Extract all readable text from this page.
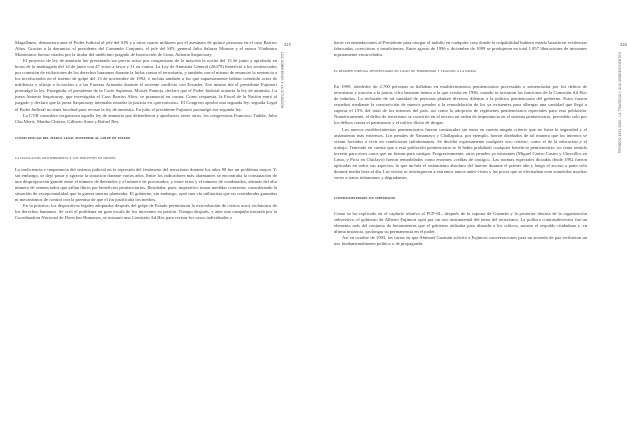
Magallanes, denunciara ante el Poder Judicial al jefe del SIN y a otros cuatro militares por el asesinato de quince personas en el caso Barrios Altos. Gracias a la denuncia, el presidente del Comando Conjunto, el jefe del SIN, general Julio Salazar Monroe y el asesor Vladimiro Montesinos fueron citados por la titular del undécimo juzgado de Instrucción de Lima, Antonia Saquicuray.

El proyecto de ley de amnistía fue presentado sin previo aviso por congresistas de la mayoría la noche del 13 de junio y aprobado en horas de la madrugada del 14 de junio con 47 votos a favor y 11 en contra. La Ley de Amnistía General (26479) benefició a los sentenciados por comisión de violaciones de los derechos humanos durante la lucha contra el terrorismo, y también con el mismo de enunciar la sentencia a los involucrados en el intento de golpe del 13 de noviembre de 1992, e incluía también a los que supuestamente habían cometido actos de infidencia y ultraje a la nación y a las Fuerzas Armadas durante el reciente conflicto con Ecuador. Ese mismo día el presidente Fujimori promulgó la ley. Enseguida, el presidente de la Corte Suprema, Moisés Pantoja, declaró que el Poder Judicial acataría la ley de amnistía. La jueza Antonia Saquicuray, que investigaba el Caso Barrios Altos, se pronunció en contra. Como respuesta, la Fiscal de la Nación entró al juzgado y declaró que la jueza Saquicuray intentaba retardar la justicia en «prevaricato». El Congreso aprobó una segunda ley, seguida Legal el Poder Judicial no tenía facultad para revisar la ley de amnistía. En julio el presidente Fujimori promulgó esa segunda ley.

La CVR considera vergonzosa aquella ley de amnistía que defendieron y aprobaron, entre otros, los congresistas Francisco Tudela, Julio Chu Meris, Martha Chávez, Gilberto Siura y Rafael Rey.

consecuencias del marco legal posterior al golpe de estado
la legislación antiterrorista y los inocentes en prisión

La ineficiencia e inoperancia del sistema judicial en la represión del fenómeno del terrorismo durante los años 80 fue un problema mayor. Y, sin embargo, se dejó pasar y agravar la situación durante varios años. Entre los indicadores más alarmantes se encontraba la constatación de una desproporción grande entre el número de detenidos y el número de procesados; y entre estos y el número de condenados, además del alto número de sentenciados que salían libres por beneficios penitenciarios. Resultaba, pues, imperativo tomar medidas concretas, considerando la situación de excepcionalidad que la guerra interna planteaba. El gobierno, sin embargo, optó una vía utilitarista que no consideraba garantías ni mecanismos de control con la premisa de que el fin justificaba los medios.

En la práctica, los dispositivos legales adoptados después del golpe de Estado permitieron la exacerbación de ciertos actos violatorios de los derechos humanos. Se creó el problema en gran escala de los inocentes en prisión. Tiempo después, y ante una campaña iniciada por la Coordinadora Nacional de Derechos Humanos, se instauró una Comisión Ad Hoc para revisar los casos individuales y

325
LOS GOBIERNOS Y LA SITUACIÓN
326
PERÍODO 1992-2000 · LA TRAGEDIA Y SUS SOBREVIVIENTES

hacer recomendaciones al Presidente para otorgar el indulto en cualquier caso donde la culpabilidad hubiera estado basada en evidencias fabricadas, coercitivas o insuficientes. Entre agosto de 1996 y diciembre de 1999 se produjeron en total 1.857 liberaciones de inocentes injustamente encarcelados.

el régimen especial penitenciario en casos de terrorismo y traición a la patria

En 1999, alrededor de 2.700 personas se hallaban en establecimientos penitenciarios procesadas o sentenciadas por los delitos de terrorismo y traición a la patria, cifra bastante menor a la que existía en 1996, cuando se iniciaron las funciones de la Comisión Ad Hoc de indultos. La reclusión de tal cantidad de personas planteó diversos dilemas a la política penitenciaria del gobierno. Estos fueron resueltos mediante la construcción de nuevos penales o la remodelación de los ya existentes para albergar una cantidad que llegó a superar el 15% del total de los internos del país, así como la adopción de regímenes penitenciarios especiales para esta población. Numéricamente, el delito de terrorismo se convirtió en el tercero en orden de importancia en el sistema penitenciario, precedido solo por los delitos contra el patrimonio y el tráfico ilícito de drogas.

Los nuevos establecimientos penitenciarios fueron construidos sin tener en cuenta ningún criterio que no fuera la seguridad y el aislamiento más extremos. Los penales de Yanamayo y Challapalca, por ejemplo, fueron diseñados de tal manera que los internos se vieran forzados a vivir en condiciones infrahumanas. Se decidió expresamente cualquier otro criterio, como el de la educación y el trabajo. Teniendo en cuenta que a esta población penitenciaria se le había prohibido cualquier beneficio penitenciario, no tenía sentido invertir para otros casos que no fueran para castigar. Progresivamente, otros penales ya existentes (Miguel Castro Castro y Chorrillos en Lima, y Picsi en Chiclayo) fueron remodelados como enormes «celdas de castigo». Las normas especiales dictadas desde 1992 fueron aplicadas en todos sus aspectos, lo que incluía el aislamiento absoluto del interno durante el primer año y luego el acceso a patio sólo durante media hora al día. Las visitas se restringieron a extremos nunca antes vistos y las pocas que se efectuaban eran sometidas muchas veces a tratos inhumanos y degradantes.

contrasubversión sin subversión

Como se ha explicado en el capítulo relativo al PCP-SL, después de la captura de Guzmán y la posterior derrota de la organización subversiva, el gobierno de Alberto Fujimori optó por un uso instrumental del tema del terrorismo. La política contrasubversiva fue un elemento más del conjunto de herramientas que el gobierno utilizaba para disuadir a los críticos, asustar el respaldo ciudadano y, en última instancia, prolongar su permanencia en el poder.

Así en octubre de 1993, las cartas en que Abimael Guzmán solicitó a Fujimori conversaciones para un acuerdo de paz recibieron un uso fundamentalmente político o de propaganda.
